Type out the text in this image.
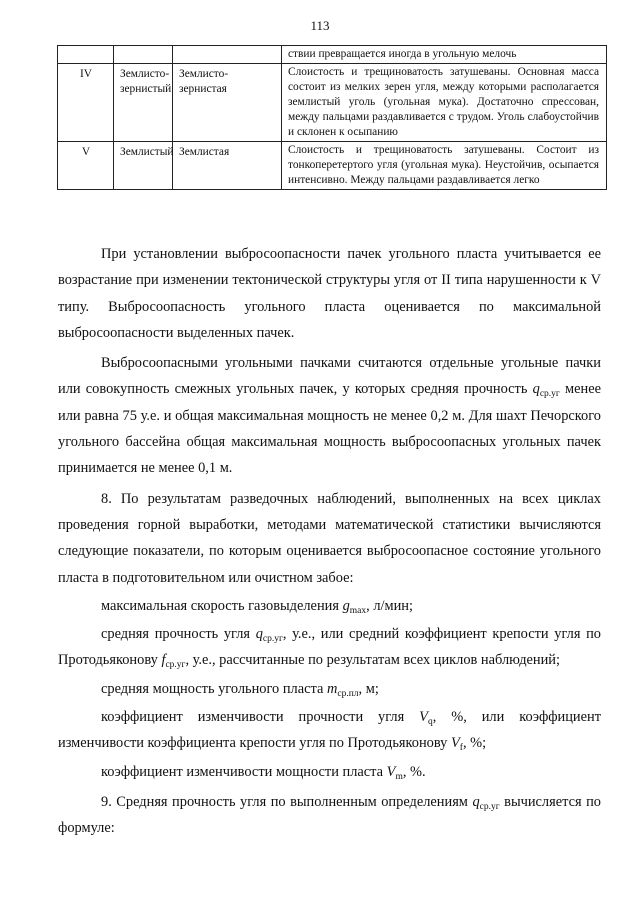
113
			ствии превращается иногда в угольную мелочь
IV	Землисто-зернистый	Землисто-зернистая	Слоистость и трещиноватость затушеваны. Основная масса состоит из мелких зерен угля, между которыми располагается землистый уголь (угольная мука). Достаточно спрессован, между пальцами раздавливается с трудом. Уголь слабоустойчив и склонен к осыпанию
V	Землистый	Землистая	Слоистость и трещиноватость затушеваны. Состоит из тонкоперетертого угля (угольная мука). Неустойчив, осыпается интенсивно. Между пальцами раздавливается легко

При установлении выбросоопасности пачек угольного пласта учитывается ее возрастание при изменении тектонической структуры угля от II типа нарушенности к V типу. Выбросоопасность угольного пласта оценивается по максимальной выбросоопасности выделенных пачек.

Выбросоопасными угольными пачками считаются отдельные угольные пачки или совокупность смежных угольных пачек, у которых средняя прочность $q_{ср.уг}$ менее или равна 75 у.е. и общая максимальная мощность не менее 0,2 м. Для шахт Печорского угольного бассейна общая максимальная мощность выбросоопасных угольных пачек принимается не менее 0,1 м.

8. По результатам разведочных наблюдений, выполненных на всех циклах проведения горной выработки, методами математической статистики вычисляются следующие показатели, по которым оценивается выбросоопасное состояние угольного пласта в подготовительном или очистном забое:

максимальная скорость газовыделения $g_{max}$, л/мин;

средняя прочность угля $q_{ср.уг}$, у.е., или средний коэффициент крепости угля по Протодьяконову $f_{ср.уг}$, у.е., рассчитанные по результатам всех циклов наблюдений;

средняя мощность угольного пласта $m_{ср.пл}$, м;

коэффициент изменчивости прочности угля $V_q$, %, или коэффициент изменчивости коэффициента крепости угля по Протодьяконову $V_f$, %;

коэффициент изменчивости мощности пласта $V_m$, %.

9. Средняя прочность угля по выполненным определениям $q_{ср.уг}$ вычисляется по формуле:
